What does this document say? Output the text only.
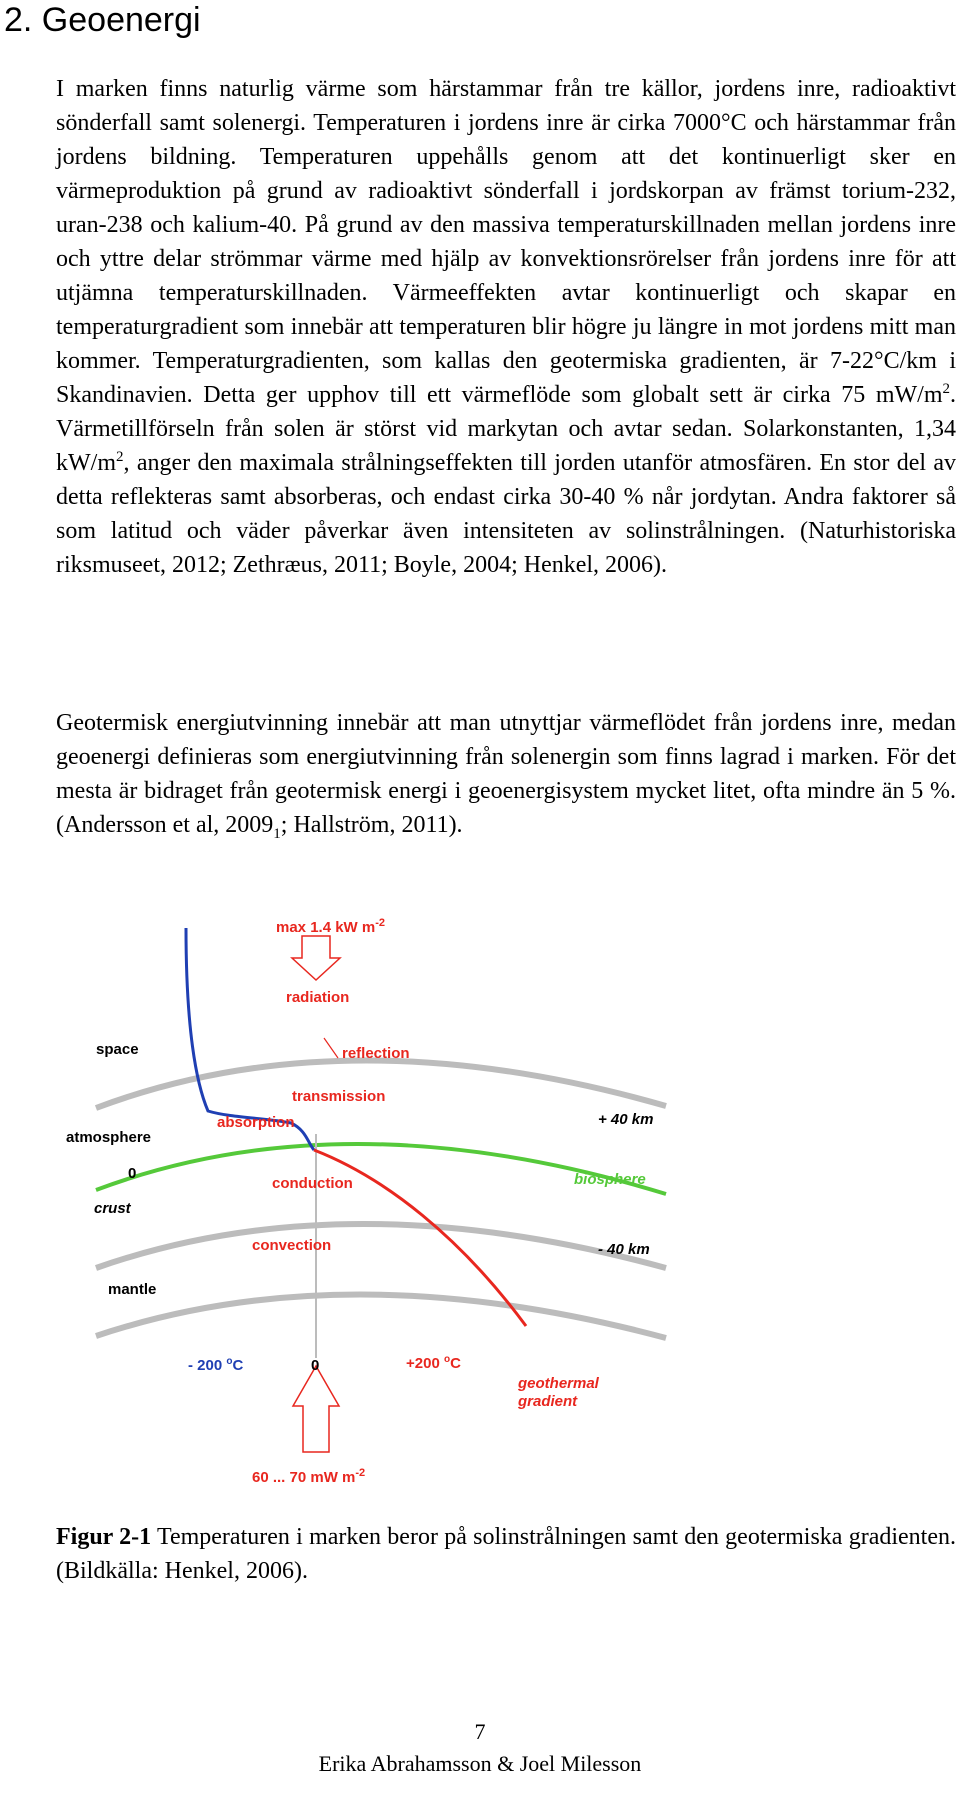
2. Geoenergi

I marken finns naturlig värme som härstammar från tre källor, jordens inre, radioaktivt sönderfall samt solenergi. Temperaturen i jordens inre är cirka 7000°C och härstammar från jordens bildning. Temperaturen uppehålls genom att det kontinuerligt sker en värmeproduktion på grund av radioaktivt sönderfall i jordskorpan av främst torium-232, uran-238 och kalium-40. På grund av den massiva temperaturskillnaden mellan jordens inre och yttre delar strömmar värme med hjälp av konvektionsrörelser från jordens inre för att utjämna temperaturskillnaden. Värmeeffekten avtar kontinuerligt och skapar en temperaturgradient som innebär att temperaturen blir högre ju längre in mot jordens mitt man kommer. Temperaturgradienten, som kallas den geotermiska gradienten, är 7-22°C/km i Skandinavien. Detta ger upphov till ett värmeflöde som globalt sett är cirka 75 $mW/m^2$. Värmetillförseln från solen är störst vid markytan och avtar sedan. Solarkonstanten, 1,34 $kW/m^2$, anger den maximala strålningseffekten till jorden utanför atmosfären. En stor del av detta reflekteras samt absorberas, och endast cirka 30-40 % når jordytan. Andra faktorer så som latitud och väder påverkar även intensiteten av solinstrålningen. (Naturhistoriska riksmuseet, 2012; Zethræus, 2011; Boyle, 2004; Henkel, 2006).

Geotermisk energiutvinning innebär att man utnyttjar värmeflödet från jordens inre, medan geoenergi definieras som energiutvinning från solenergin som finns lagrad i marken. För det mesta är bidraget från geotermisk energi i geoenergisystem mycket litet, ofta mindre än 5 %. (Andersson et al, $2009_1$; Hallström, 2011).

max 1.4 kW $m^{-2}$
radiation
space	reflection
transmission
absorption
atmosphere
+ 40 km
0
conduction	biosphere
crust
convection	- 40 km
mantle
- 200 $^o$C	0	+200 $^o$C
geothermal
gradient
60 ... 70 mW $m^{-2}$

Figur 2-1 Temperaturen i marken beror på solinstrålningen samt den geotermiska gradienten. (Bildkälla: Henkel, 2006).

7
Erika Abrahamsson & Joel Milesson
